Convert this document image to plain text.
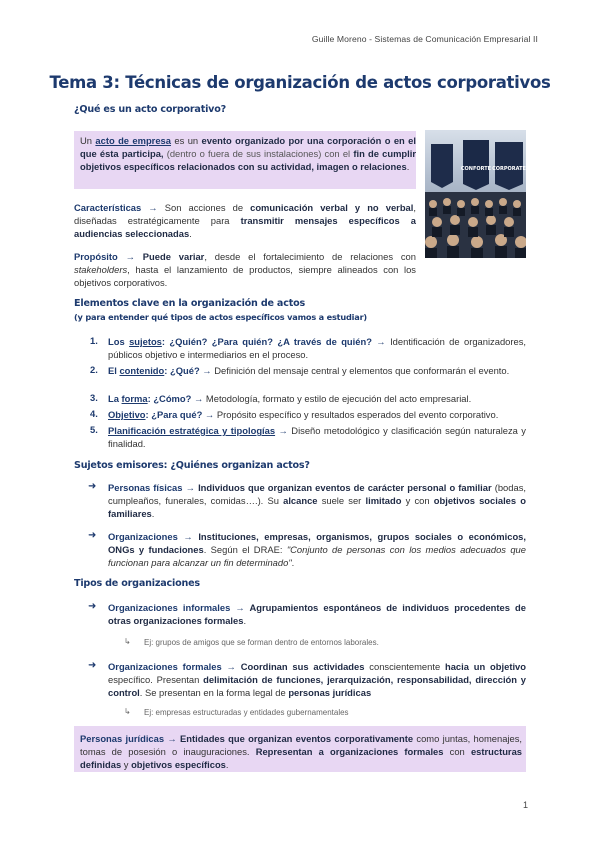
Guille Moreno - Sistemas de Comunicación Empresarial II
Tema 3: Técnicas de organización de actos corporativos
¿Qué es un acto corporativo?
Un acto de empresa es un evento organizado por una corporación o en el que ésta participa, (dentro o fuera de sus instalaciones) con el fin de cumplir objetivos específicos relacionados con su actividad, imagen o relaciones.	CONFORTE CORPORATE
Características → Son acciones de comunicación verbal y no verbal, diseñadas estratégicamente para transmitir mensajes específicos a audiencias seleccionadas.
Propósito → Puede variar, desde el fortalecimiento de relaciones con stakeholders, hasta el lanzamiento de productos, siempre alineados con los objetivos corporativos.
Elementos clave en la organización de actos
(y para entender qué tipos de actos específicos vamos a estudiar)
1. Los sujetos: ¿Quién? ¿Para quién? ¿A través de quién? → Identificación de organizadores, públicos objetivo e intermediarios en el proceso.
2. El contenido: ¿Qué? → Definición del mensaje central y elementos que conformarán el evento.
3. La forma: ¿Cómo? → Metodología, formato y estilo de ejecución del acto empresarial.
4. Objetivo: ¿Para qué? → Propósito específico y resultados esperados del evento corporativo.
5. Planificación estratégica y tipologías → Diseño metodológico y clasificación según naturaleza y finalidad.
Sujetos emisores: ¿Quiénes organizan actos?
➜ Personas físicas → Individuos que organizan eventos de carácter personal o familiar (bodas, cumpleaños, funerales, comidas….). Su alcance suele ser limitado y con objetivos sociales o familiares.
➜ Organizaciones → Instituciones, empresas, organismos, grupos sociales o económicos, ONGs y fundaciones. Según el DRAE: "Conjunto de personas con los medios adecuados que funcionan para alcanzar un fin determinado".
Tipos de organizaciones
➜ Organizaciones informales → Agrupamientos espontáneos de individuos procedentes de otras organizaciones formales.
↳ Ej: grupos de amigos que se forman dentro de entornos laborales.
➜ Organizaciones formales → Coordinan sus actividades conscientemente hacia un objetivo específico. Presentan delimitación de funciones, jerarquización, responsabilidad, dirección y control. Se presentan en la forma legal de personas jurídicas
↳ Ej: empresas estructuradas y entidades gubernamentales
Personas jurídicas → Entidades que organizan eventos corporativamente como juntas, homenajes, tomas de posesión o inauguraciones. Representan a organizaciones formales con estructuras definidas y objetivos específicos.
1
